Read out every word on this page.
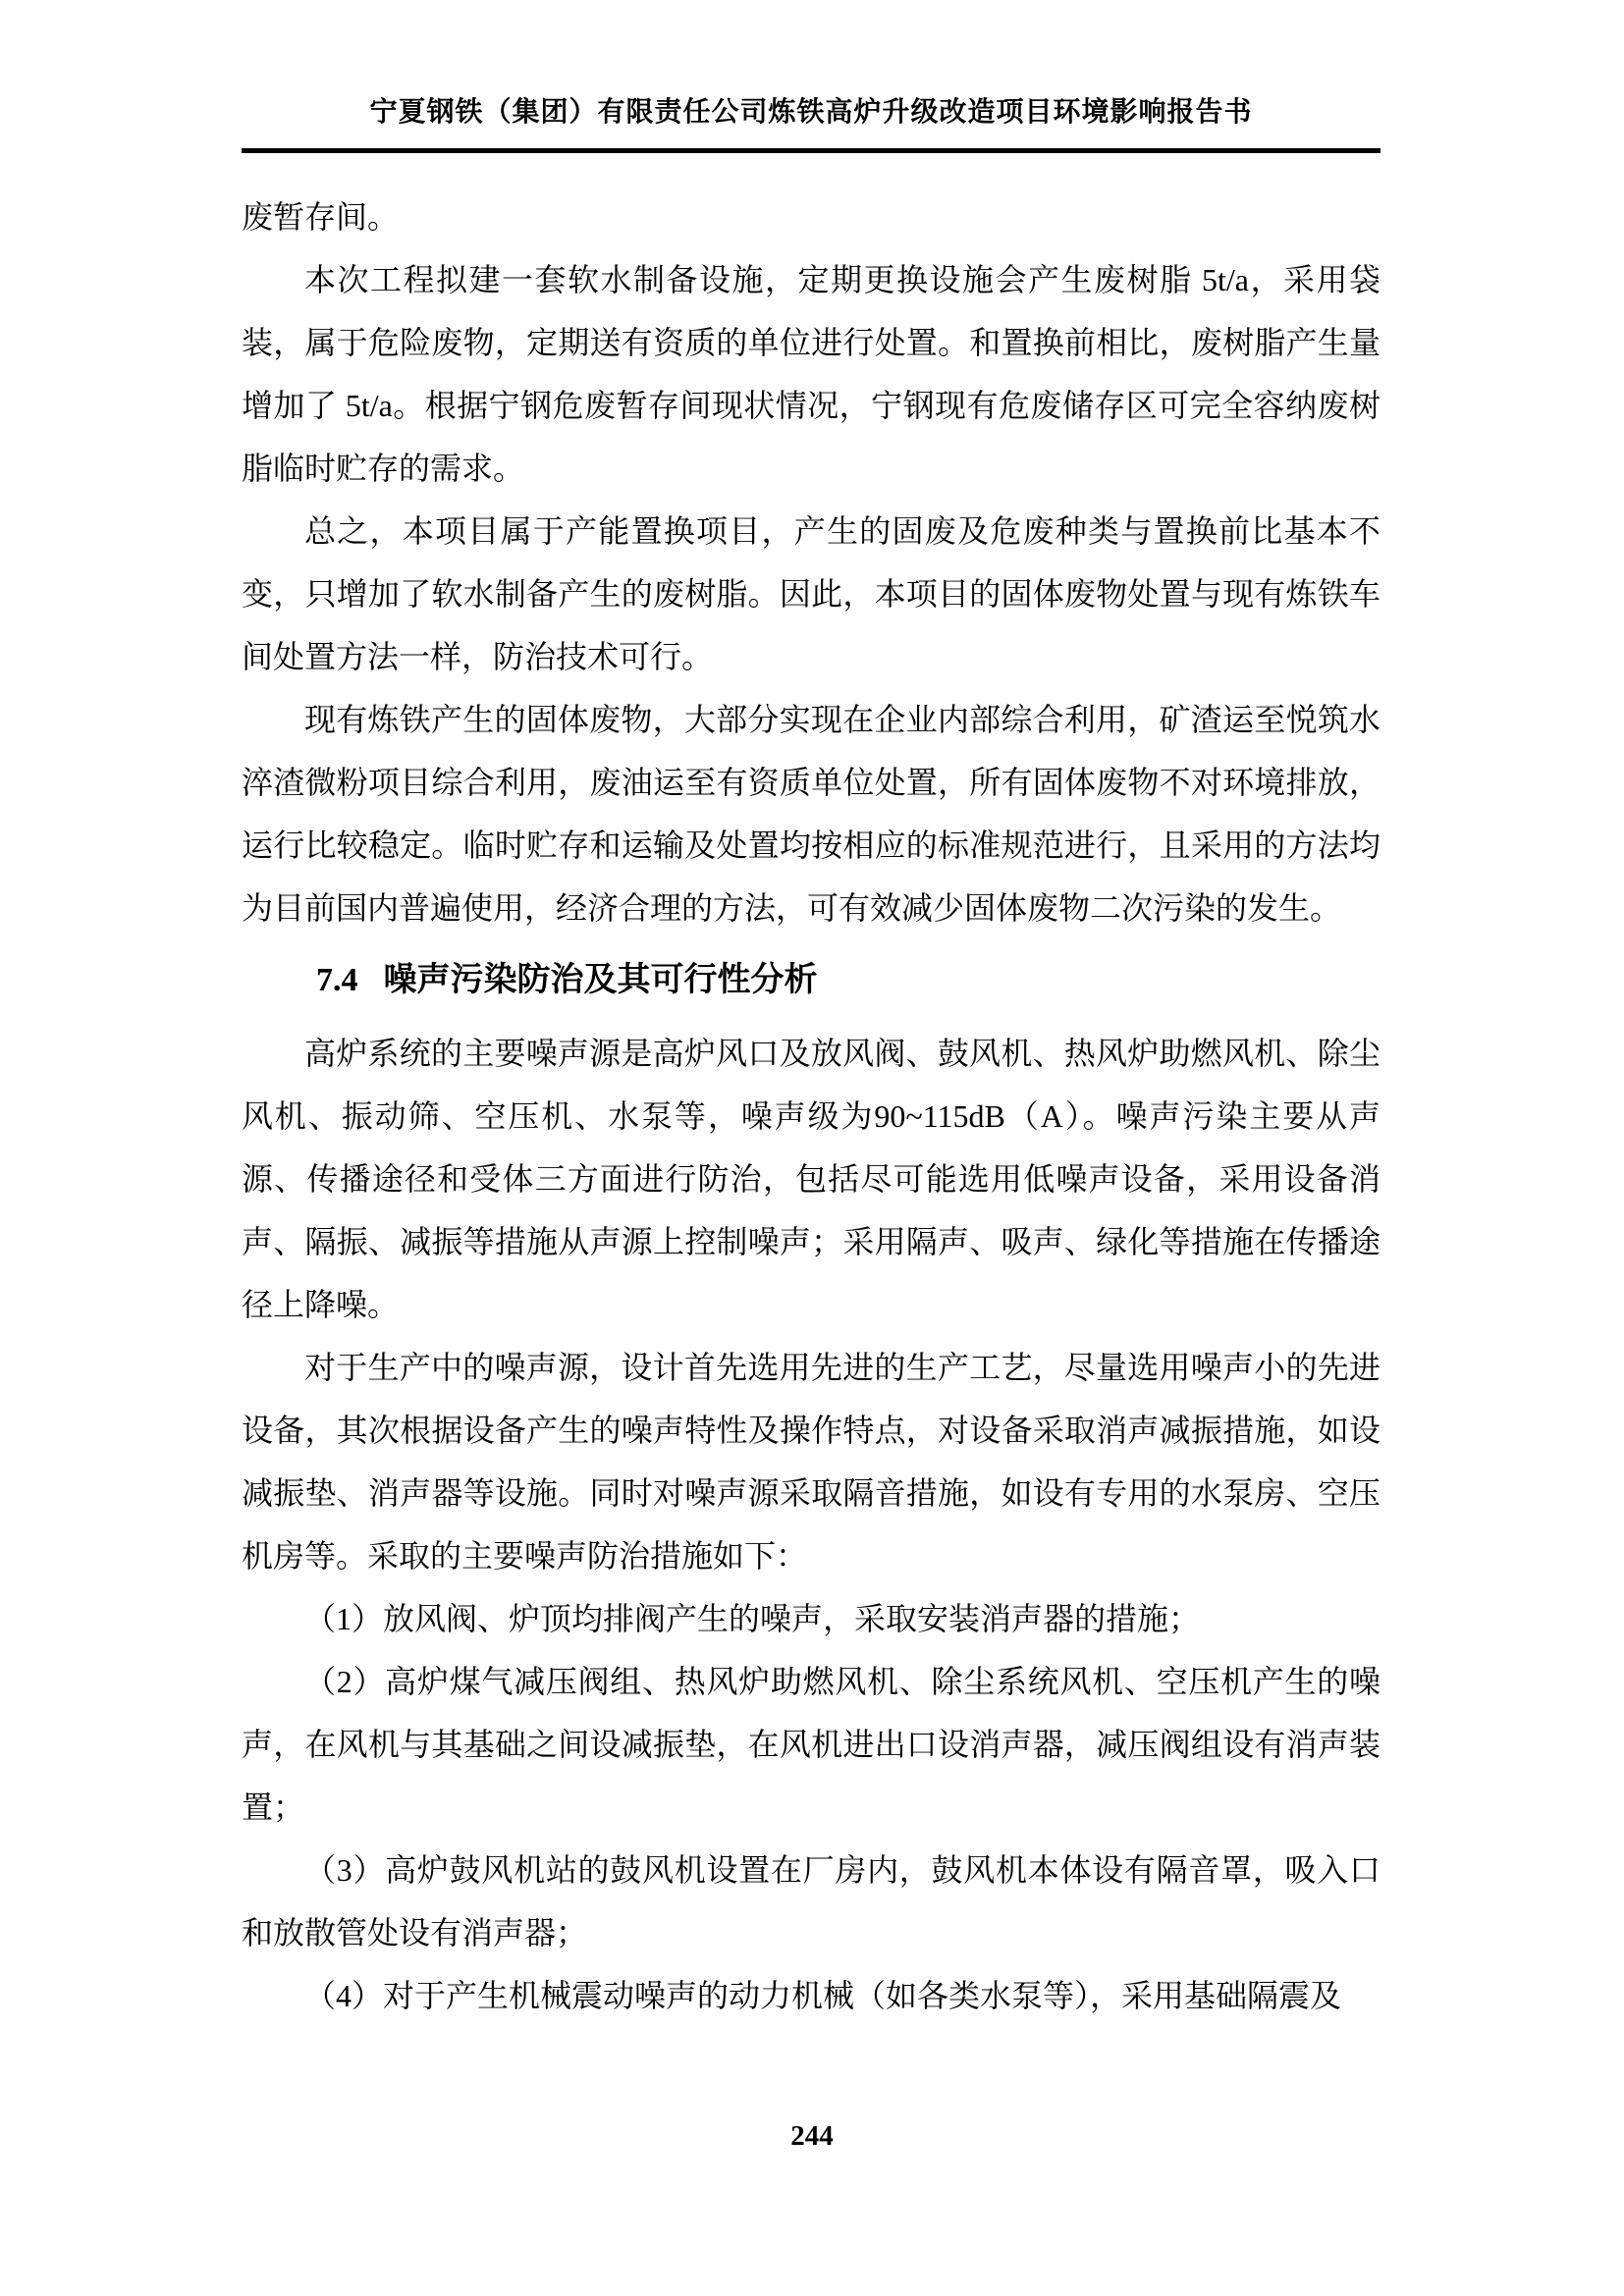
宁夏钢铁（集团）有限责任公司炼铁高炉升级改造项目环境影响报告书

废暂存间。

本次工程拟建一套软水制备设施，定期更换设施会产生废树脂 5t/a，采用袋装，属于危险废物，定期送有资质的单位进行处置。和置换前相比，废树脂产生量增加了 5t/a。根据宁钢危废暂存间现状情况，宁钢现有危废储存区可完全容纳废树脂临时贮存的需求。

总之，本项目属于产能置换项目，产生的固废及危废种类与置换前比基本不变，只增加了软水制备产生的废树脂。因此，本项目的固体废物处置与现有炼铁车间处置方法一样，防治技术可行。

现有炼铁产生的固体废物，大部分实现在企业内部综合利用，矿渣运至悦筑水淬渣微粉项目综合利用，废油运至有资质单位处置，所有固体废物不对环境排放，运行比较稳定。临时贮存和运输及处置均按相应的标准规范进行，且采用的方法均为目前国内普遍使用，经济合理的方法，可有效减少固体废物二次污染的发生。

7.4 噪声污染防治及其可行性分析

高炉系统的主要噪声源是高炉风口及放风阀、鼓风机、热风炉助燃风机、除尘风机、振动筛、空压机、水泵等，噪声级为90~115dB（A）。噪声污染主要从声源、传播途径和受体三方面进行防治，包括尽可能选用低噪声设备，采用设备消声、隔振、减振等措施从声源上控制噪声；采用隔声、吸声、绿化等措施在传播途径上降噪。

对于生产中的噪声源，设计首先选用先进的生产工艺，尽量选用噪声小的先进设备，其次根据设备产生的噪声特性及操作特点，对设备采取消声减振措施，如设减振垫、消声器等设施。同时对噪声源采取隔音措施，如设有专用的水泵房、空压机房等。采取的主要噪声防治措施如下：

（1）放风阀、炉顶均排阀产生的噪声，采取安装消声器的措施；

（2）高炉煤气减压阀组、热风炉助燃风机、除尘系统风机、空压机产生的噪声，在风机与其基础之间设减振垫，在风机进出口设消声器，减压阀组设有消声装置；

（3）高炉鼓风机站的鼓风机设置在厂房内，鼓风机本体设有隔音罩，吸入口和放散管处设有消声器；

（4）对于产生机械震动噪声的动力机械（如各类水泵等），采用基础隔震及

244
